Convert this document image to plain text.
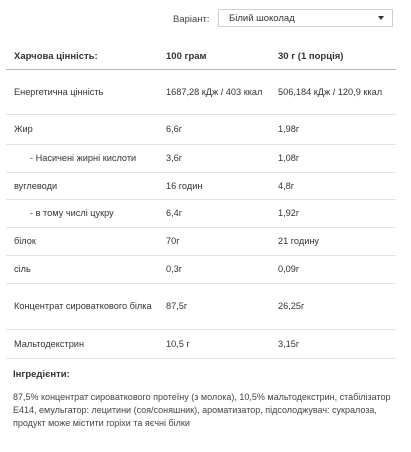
Варіант: Білий шоколад
Харчова цінність:	100 грам	30 г (1 порція)
Енергетична цінність	1687,28 кДж / 403 ккал	506,184 кДж / 120,9 ккал
Жир	6,6г	1,98г
- Насичені жирні кислоти	3,6г	1,08г
вуглеводи	16 годин	4,8г
- в тому числі цукру	6,4г	1,92г
білок	70г	21 годину
сіль	0,3г	0,09г
Концентрат сироваткового білка	87,5г	26,25г
Мальтодекстрин	10,5 г	3,15г
Інгредієнти:
87,5% концентрат сироваткового протеїну (з молока), 10,5% мальтодекстрин, стабілізатор E414, емульгатор: лецитини (соя/соняшник), ароматизатор, підсолоджувач: сукралоза, продукт може містити горіхи та яєчні білки
